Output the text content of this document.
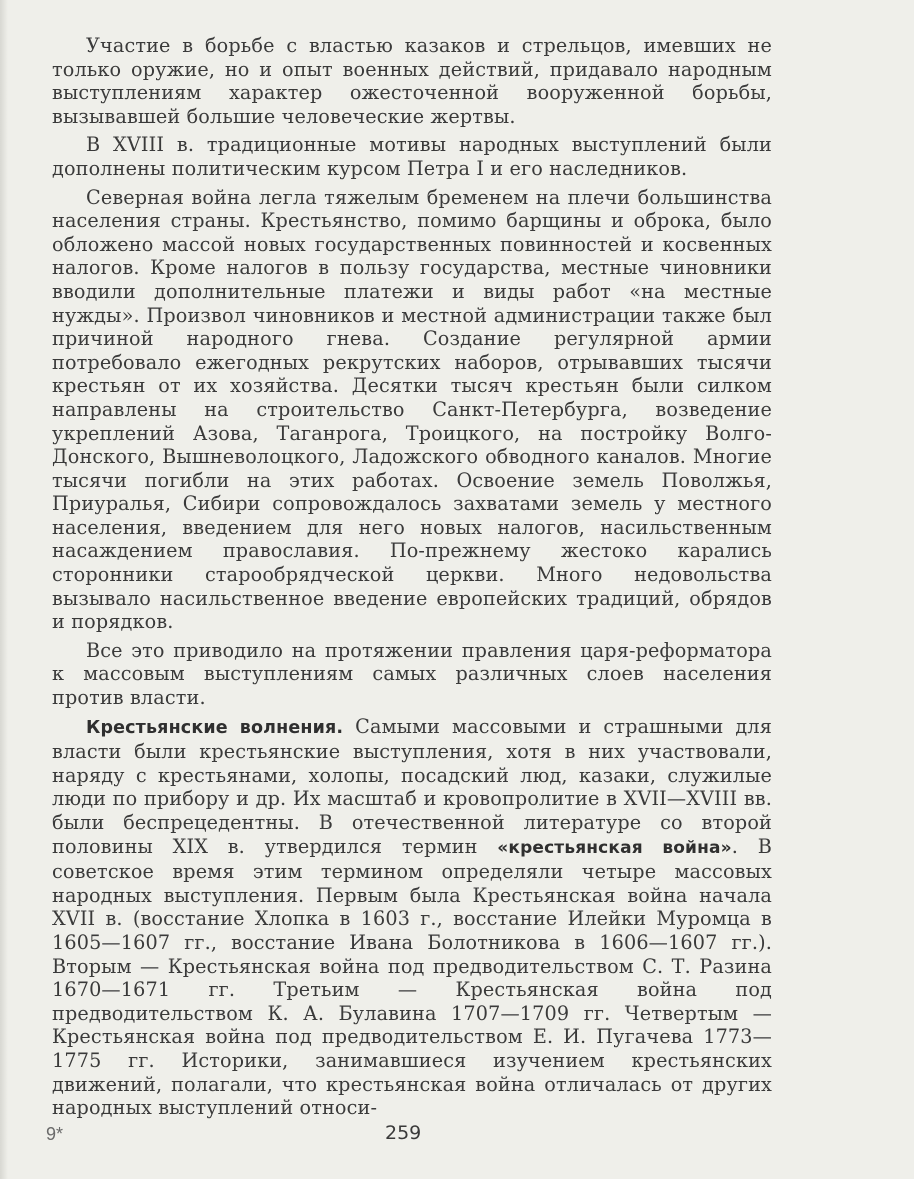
Участие в борьбе с властью казаков и стрельцов, имевших не только оружие, но и опыт военных действий, придавало народным выступлениям характер ожесточенной вооруженной борьбы, вызывавшей большие человеческие жертвы.

В XVIII в. традиционные мотивы народных выступлений были дополнены политическим курсом Петра I и его наследников.

Северная война легла тяжелым бременем на плечи большинства населения страны. Крестьянство, помимо барщины и оброка, было обложено массой новых государственных повинностей и косвенных налогов. Кроме налогов в пользу государства, местные чиновники вводили дополнительные платежи и виды работ «на местные нужды». Произвол чиновников и местной администрации также был причиной народного гнева. Создание регулярной армии потребовало ежегодных рекрутских наборов, отрывавших тысячи крестьян от их хозяйства. Десятки тысяч крестьян были силком направлены на строительство Санкт-Петербурга, возведение укреплений Азова, Таганрога, Троицкого, на постройку Волго-Донского, Вышневолоцкого, Ладожского обводного каналов. Многие тысячи погибли на этих работах. Освоение земель Поволжья, Приуралья, Сибири сопровождалось захватами земель у местного населения, введением для него новых налогов, насильственным насаждением православия. По-прежнему жестоко карались сторонники старообрядческой церкви. Много недовольства вызывало насильственное введение европейских традиций, обрядов и порядков.

Все это приводило на протяжении правления царя-реформатора к массовым выступлениям самых различных слоев населения против власти.

Крестьянские волнения. Самыми массовыми и страшными для власти были крестьянские выступления, хотя в них участвовали, наряду с крестьянами, холопы, посадский люд, казаки, служилые люди по прибору и др. Их масштаб и кровопролитие в XVII—XVIII вв. были беспрецедентны. В отечественной литературе со второй половины XIX в. утвердился термин «крестьянская война». В советское время этим термином определяли четыре массовых народных выступления. Первым была Крестьянская война начала XVII в. (восстание Хлопка в 1603 г., восстание Илейки Муромца в 1605—1607 гг., восстание Ивана Болотникова в 1606—1607 гг.). Вторым — Крестьянская война под предводительством С. Т. Разина 1670—1671 гг. Третьим — Крестьянская война под предводительством К. А. Булавина 1707—1709 гг. Четвертым — Крестьянская война под предводительством Е. И. Пугачева 1773—1775 гг. Историки, занимавшиеся изучением крестьянских движений, полагали, что крестьянская война отличалась от других народных выступлений относи-

9*	259
